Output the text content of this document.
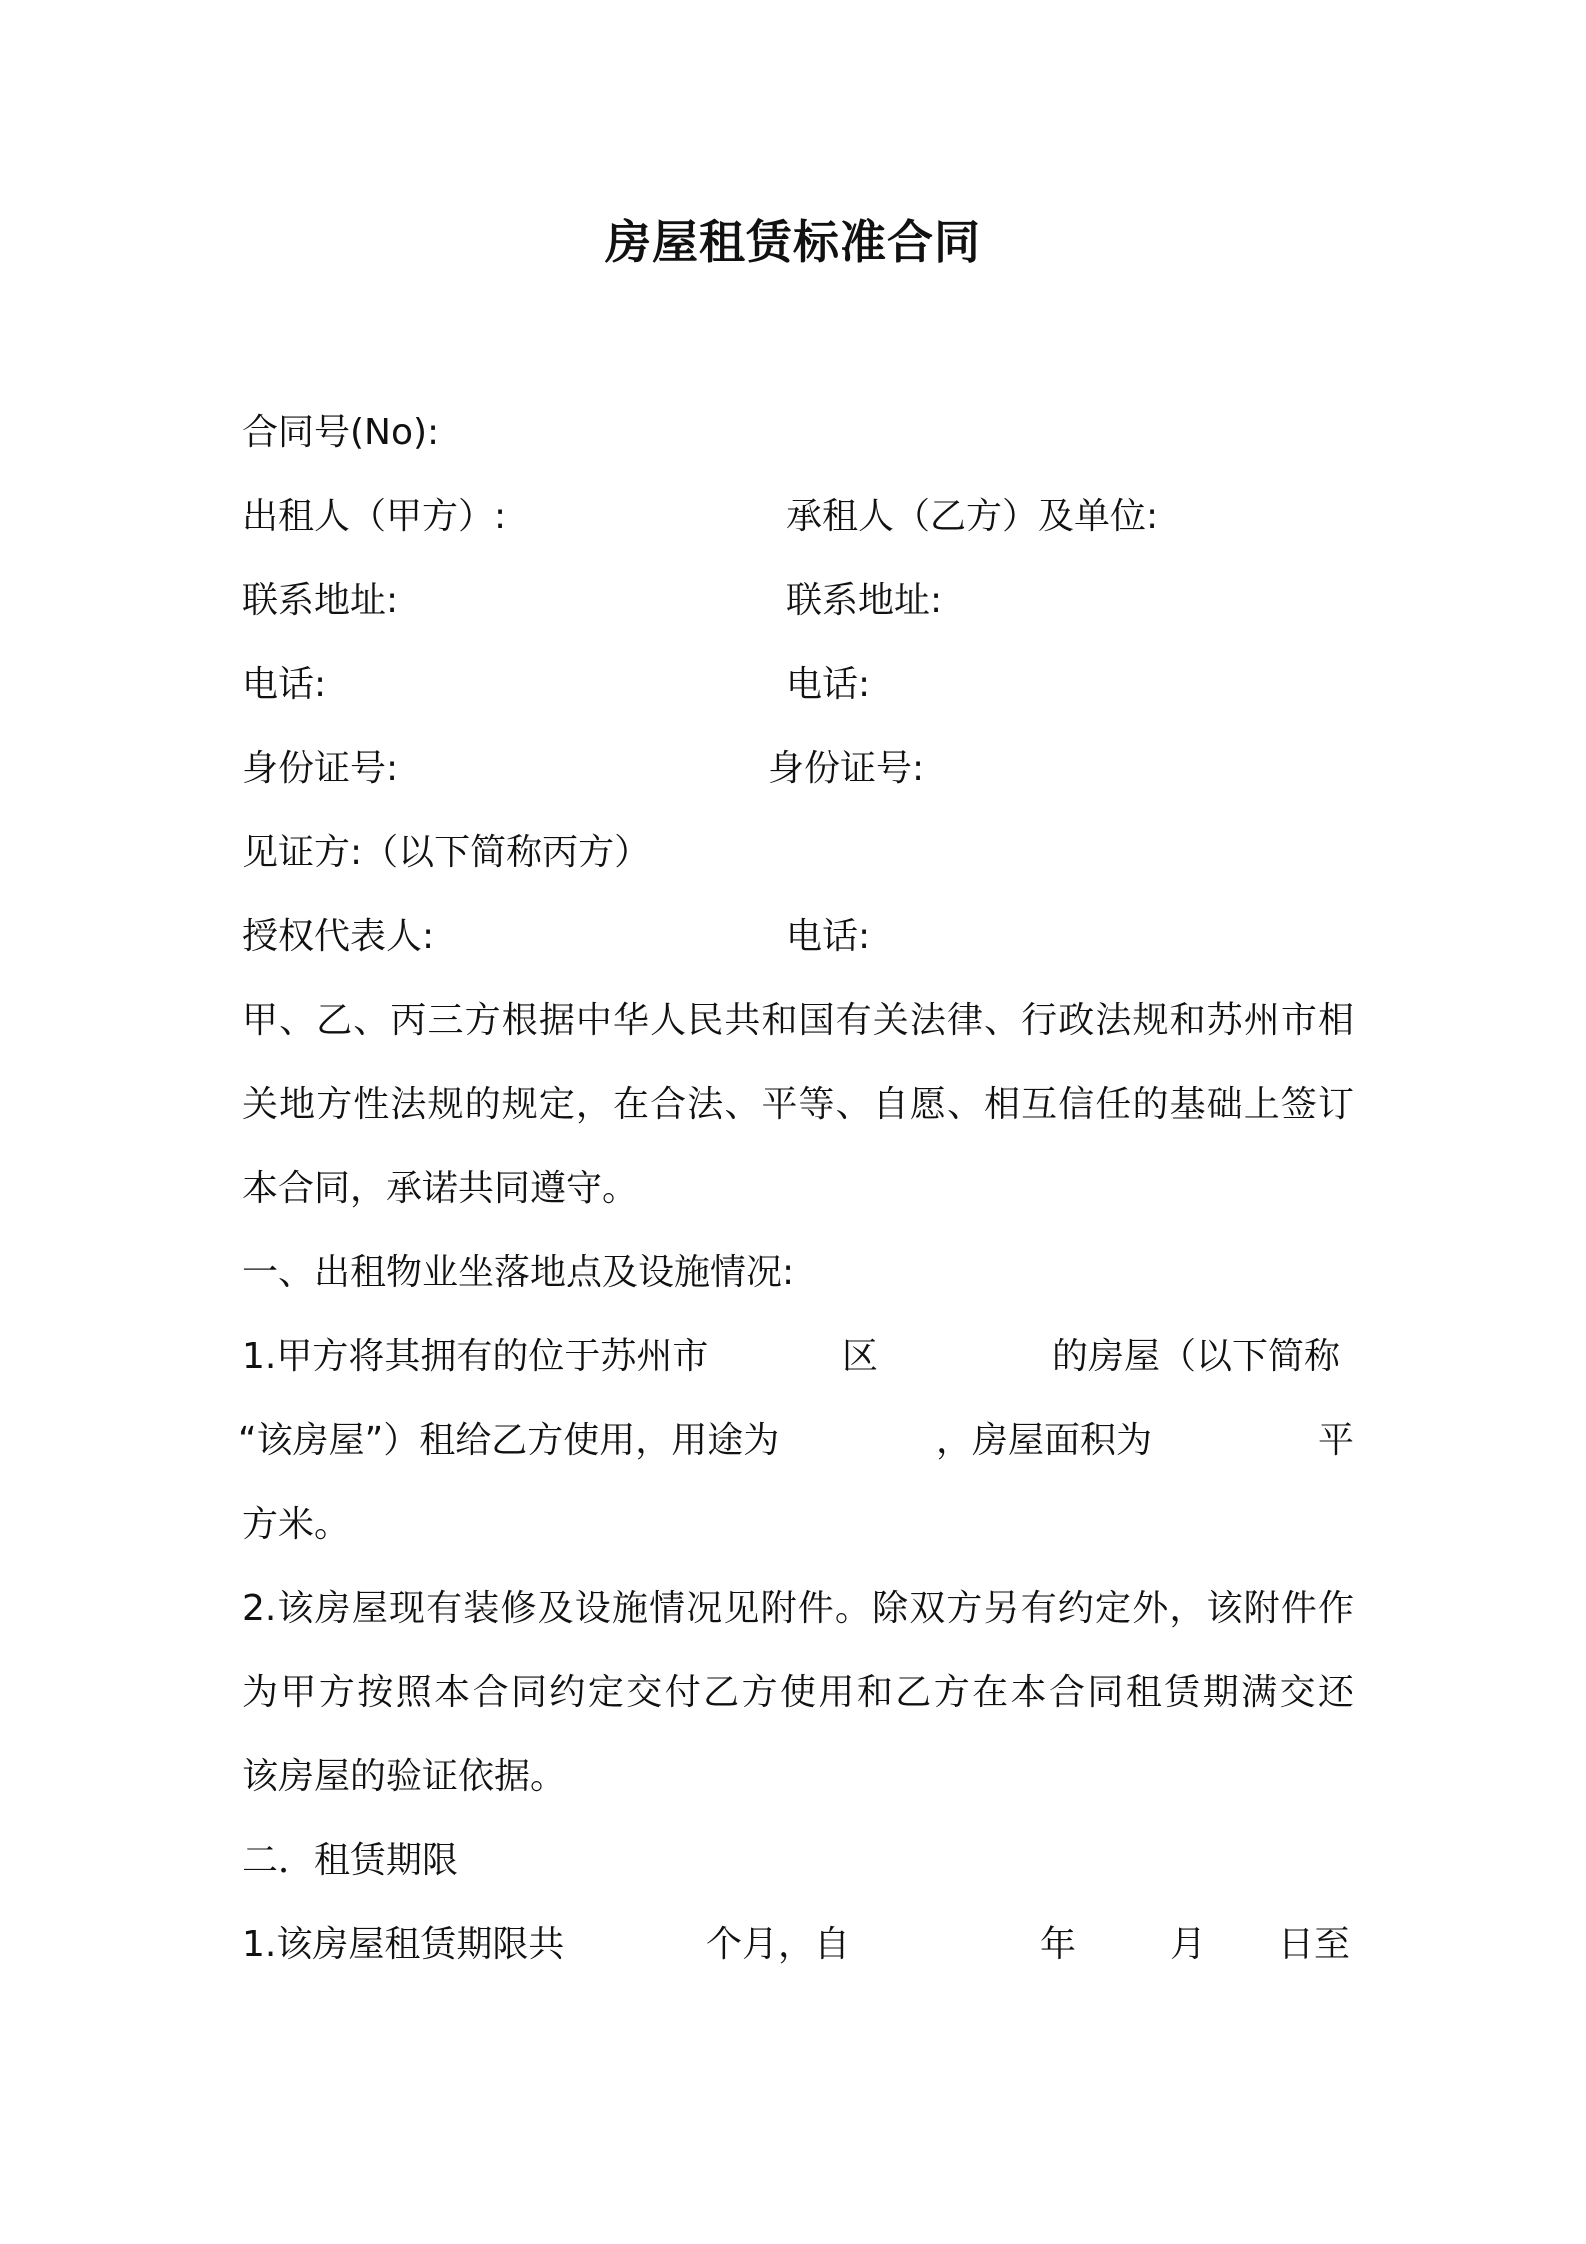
房屋租赁标准合同
合同号(No):
出租人（甲方）:	承租人（乙方）及单位:
联系地址:	联系地址:
电话:	电话:
身份证号:	身份证号:
见证方:（以下简称丙方）
授权代表人:	电话:
甲、乙、丙三方根据中华人民共和国有关法律、行政法规和苏州市相
关地方性法规的规定，在合法、平等、自愿、相互信任的基础上签订
本合同，承诺共同遵守。
一、出租物业坐落地点及设施情况:
1.甲方将其拥有的位于苏州市	区	的房屋（以下简称
“该房屋”）租给乙方使用，用途为	，房屋面积为	平
方米。
2.该房屋现有装修及设施情况见附件。除双方另有约定外，该附件作
为甲方按照本合同约定交付乙方使用和乙方在本合同租赁期满交还
该房屋的验证依据。
二．租赁期限
1.该房屋租赁期限共	个月，自	年	月 日至
